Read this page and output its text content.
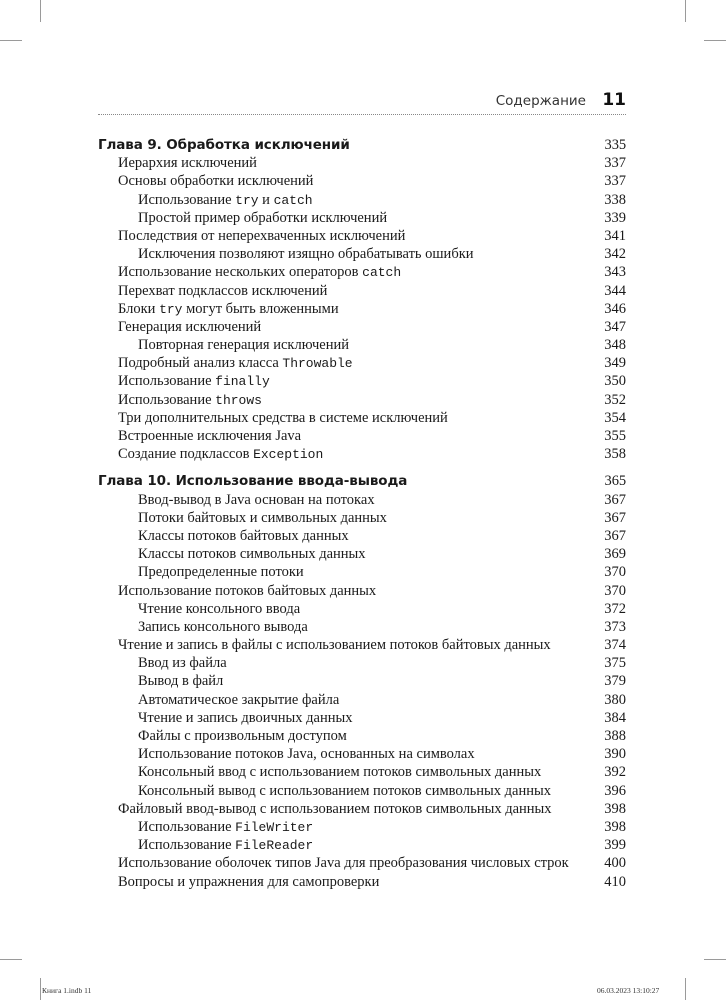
Содержание 11
Глава 9. Обработка исключений	335
Иерархия исключений	337
Основы обработки исключений	337
Использование try и catch	338
Простой пример обработки исключений	339
Последствия от неперехваченных исключений	341
Исключения позволяют изящно обрабатывать ошибки	342
Использование нескольких операторов catch	343
Перехват подклассов исключений	344
Блоки try могут быть вложенными	346
Генерация исключений	347
Повторная генерация исключений	348
Подробный анализ класса Throwable	349
Использование finally	350
Использование throws	352
Три дополнительных средства в системе исключений	354
Встроенные исключения Java	355
Создание подклассов Exception	358
Глава 10. Использование ввода-вывода	365
Ввод-вывод в Java основан на потоках	367
Потоки байтовых и символьных данных	367
Классы потоков байтовых данных	367
Классы потоков символьных данных	369
Предопределенные потоки	370
Использование потоков байтовых данных	370
Чтение консольного ввода	372
Запись консольного вывода	373
Чтение и запись в файлы с использованием потоков байтовых данных	374
Ввод из файла	375
Вывод в файл	379
Автоматическое закрытие файла	380
Чтение и запись двоичных данных	384
Файлы с произвольным доступом	388
Использование потоков Java, основанных на символах	390
Консольный ввод с использованием потоков символьных данных	392
Консольный вывод с использованием потоков символьных данных	396
Файловый ввод-вывод с использованием потоков символьных данных	398
Использование FileWriter	398
Использование FileReader	399
Использование оболочек типов Java для преобразования числовых строк 400
Вопросы и упражнения для самопроверки	410
Книга 1.indb 11	06.03.2023 13:10:27
